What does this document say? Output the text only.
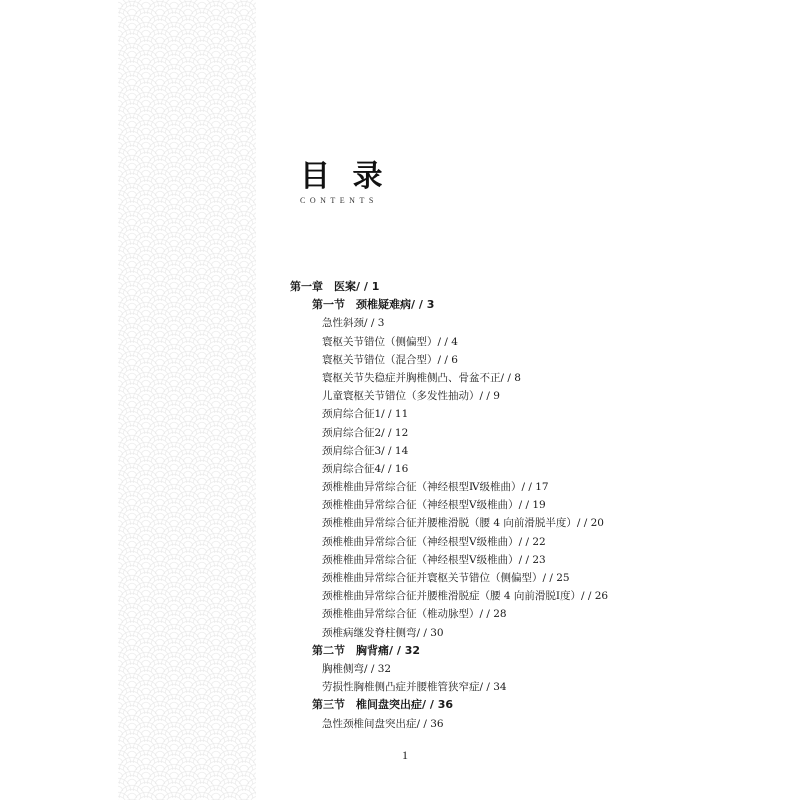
目 录
CONTENTS
第一章　医案/ / 1
第一节　颈椎疑难病/ / 3
急性斜颈/ / 3
寰枢关节错位（侧偏型）/ / 4
寰枢关节错位（混合型）/ / 6
寰枢关节失稳症并胸椎侧凸、骨盆不正/ / 8
儿童寰枢关节错位（多发性抽动）/ / 9
颈肩综合征1/ / 11
颈肩综合征2/ / 12
颈肩综合征3/ / 14
颈肩综合征4/ / 16
颈椎椎曲异常综合征（神经根型Ⅳ级椎曲）/ / 17
颈椎椎曲异常综合征（神经根型Ⅴ级椎曲）/ / 19
颈椎椎曲异常综合征并腰椎滑脱（腰 4 向前滑脱半度）/ / 20
颈椎椎曲异常综合征（神经根型Ⅴ级椎曲）/ / 22
颈椎椎曲异常综合征（神经根型Ⅴ级椎曲）/ / 23
颈椎椎曲异常综合征并寰枢关节错位（侧偏型）/ / 25
颈椎椎曲异常综合征并腰椎滑脱症（腰 4 向前滑脱Ⅰ度）/ / 26
颈椎椎曲异常综合征（椎动脉型）/ / 28
颈椎病继发脊柱侧弯/ / 30
第二节　胸背痛/ / 32
胸椎侧弯/ / 32
劳损性胸椎侧凸症并腰椎管狭窄症/ / 34
第三节　椎间盘突出症/ / 36
急性颈椎间盘突出症/ / 36
1
